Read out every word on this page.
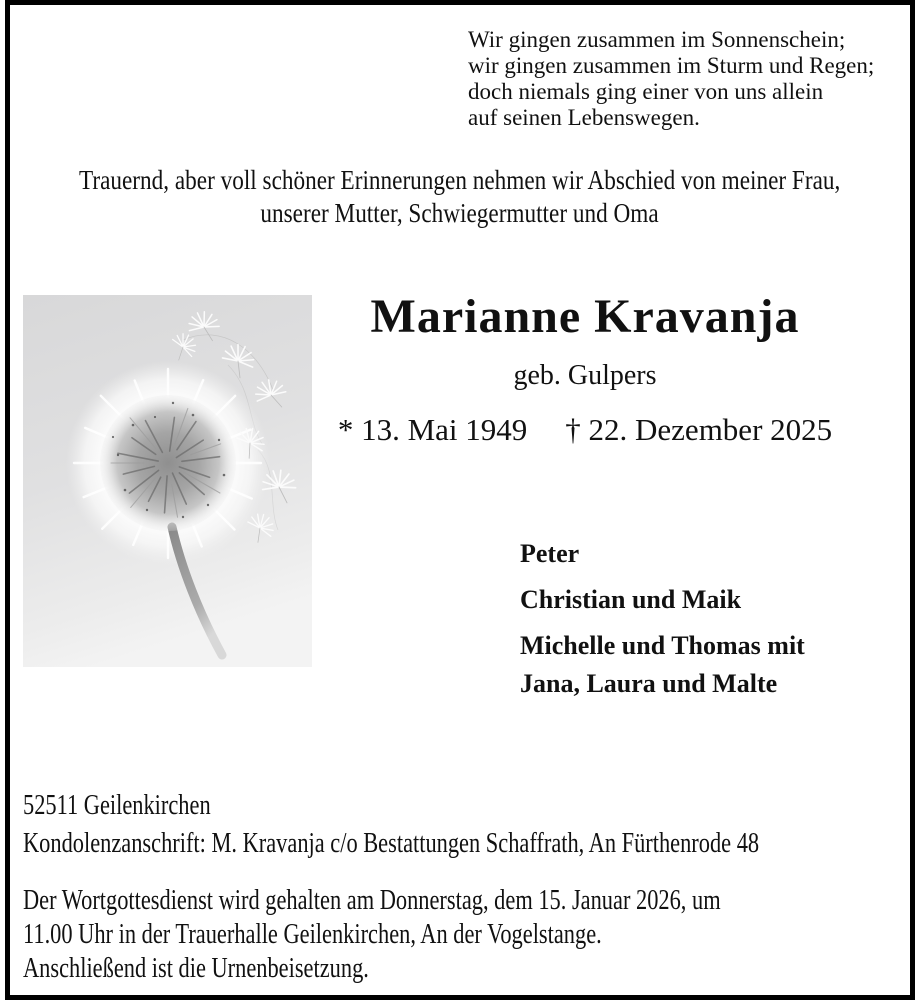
Wir gingen zusammen im Sonnenschein;
wir gingen zusammen im Sturm und Regen;
doch niemals ging einer von uns allein
auf seinen Lebenswegen.
Trauernd, aber voll schöner Erinnerungen nehmen wir Abschied von meiner Frau,
unserer Mutter, Schwiegermutter und Oma
Marianne Kravanja
geb. Gulpers
* 13. Mai 1949 † 22. Dezember 2025
Peter
Christian und Maik
Michelle und Thomas mit
Jana, Laura und Malte
52511 Geilenkirchen
Kondolenzanschrift: M. Kravanja c/o Bestattungen Schaffrath, An Fürthenrode 48
Der Wortgottesdienst wird gehalten am Donnerstag, dem 15. Januar 2026, um
11.00 Uhr in der Trauerhalle Geilenkirchen, An der Vogelstange.
Anschließend ist die Urnenbeisetzung.
